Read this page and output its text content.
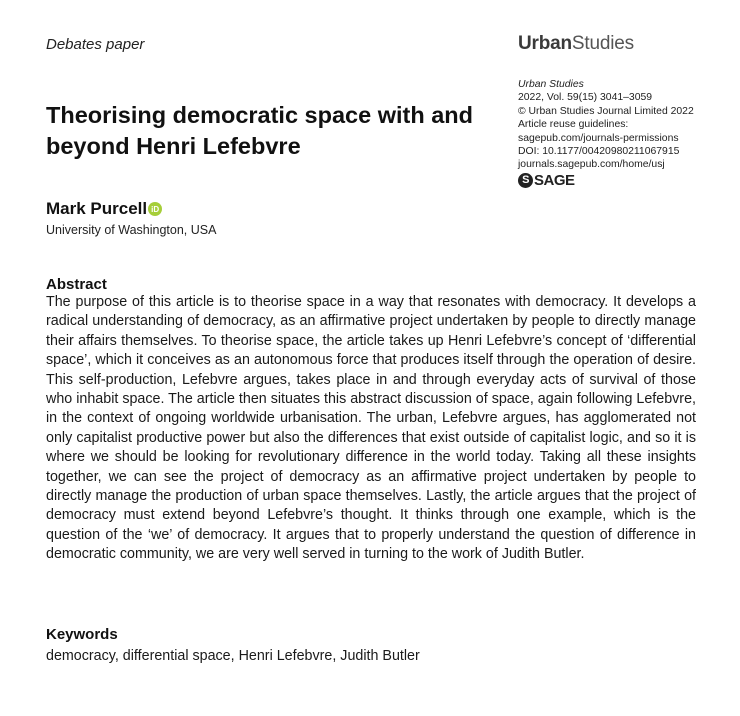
Debates paper	UrbanStudies
Urban Studies
2022, Vol. 59(15) 3041–3059
© Urban Studies Journal Limited 2022
Article reuse guidelines:
sagepub.com/journals-permissions
DOI: 10.1177/00420980211067915
journals.sagepub.com/home/usj
S SAGE
Theorising democratic space with and beyond Henri Lefebvre
Mark Purcell iD
University of Washington, USA
Abstract
The purpose of this article is to theorise space in a way that resonates with democracy. It develops a radical understanding of democracy, as an affirmative project undertaken by people to directly manage their affairs themselves. To theorise space, the article takes up Henri Lefebvre’s concept of ‘differential space’, which it conceives as an autonomous force that produces itself through the operation of desire. This self-production, Lefebvre argues, takes place in and through everyday acts of survival of those who inhabit space. The article then situates this abstract discussion of space, again following Lefebvre, in the context of ongoing worldwide urbanisation. The urban, Lefebvre argues, has agglomerated not only capitalist productive power but also the differences that exist outside of capitalist logic, and so it is where we should be looking for revolutionary difference in the world today. Taking all these insights together, we can see the project of democracy as an affirmative project undertaken by people to directly manage the production of urban space themselves. Lastly, the article argues that the project of democracy must extend beyond Lefebvre’s thought. It thinks through one example, which is the question of the ‘we’ of democracy. It argues that to properly understand the question of difference in democratic community, we are very well served in turning to the work of Judith Butler.
Keywords
democracy, differential space, Henri Lefebvre, Judith Butler
